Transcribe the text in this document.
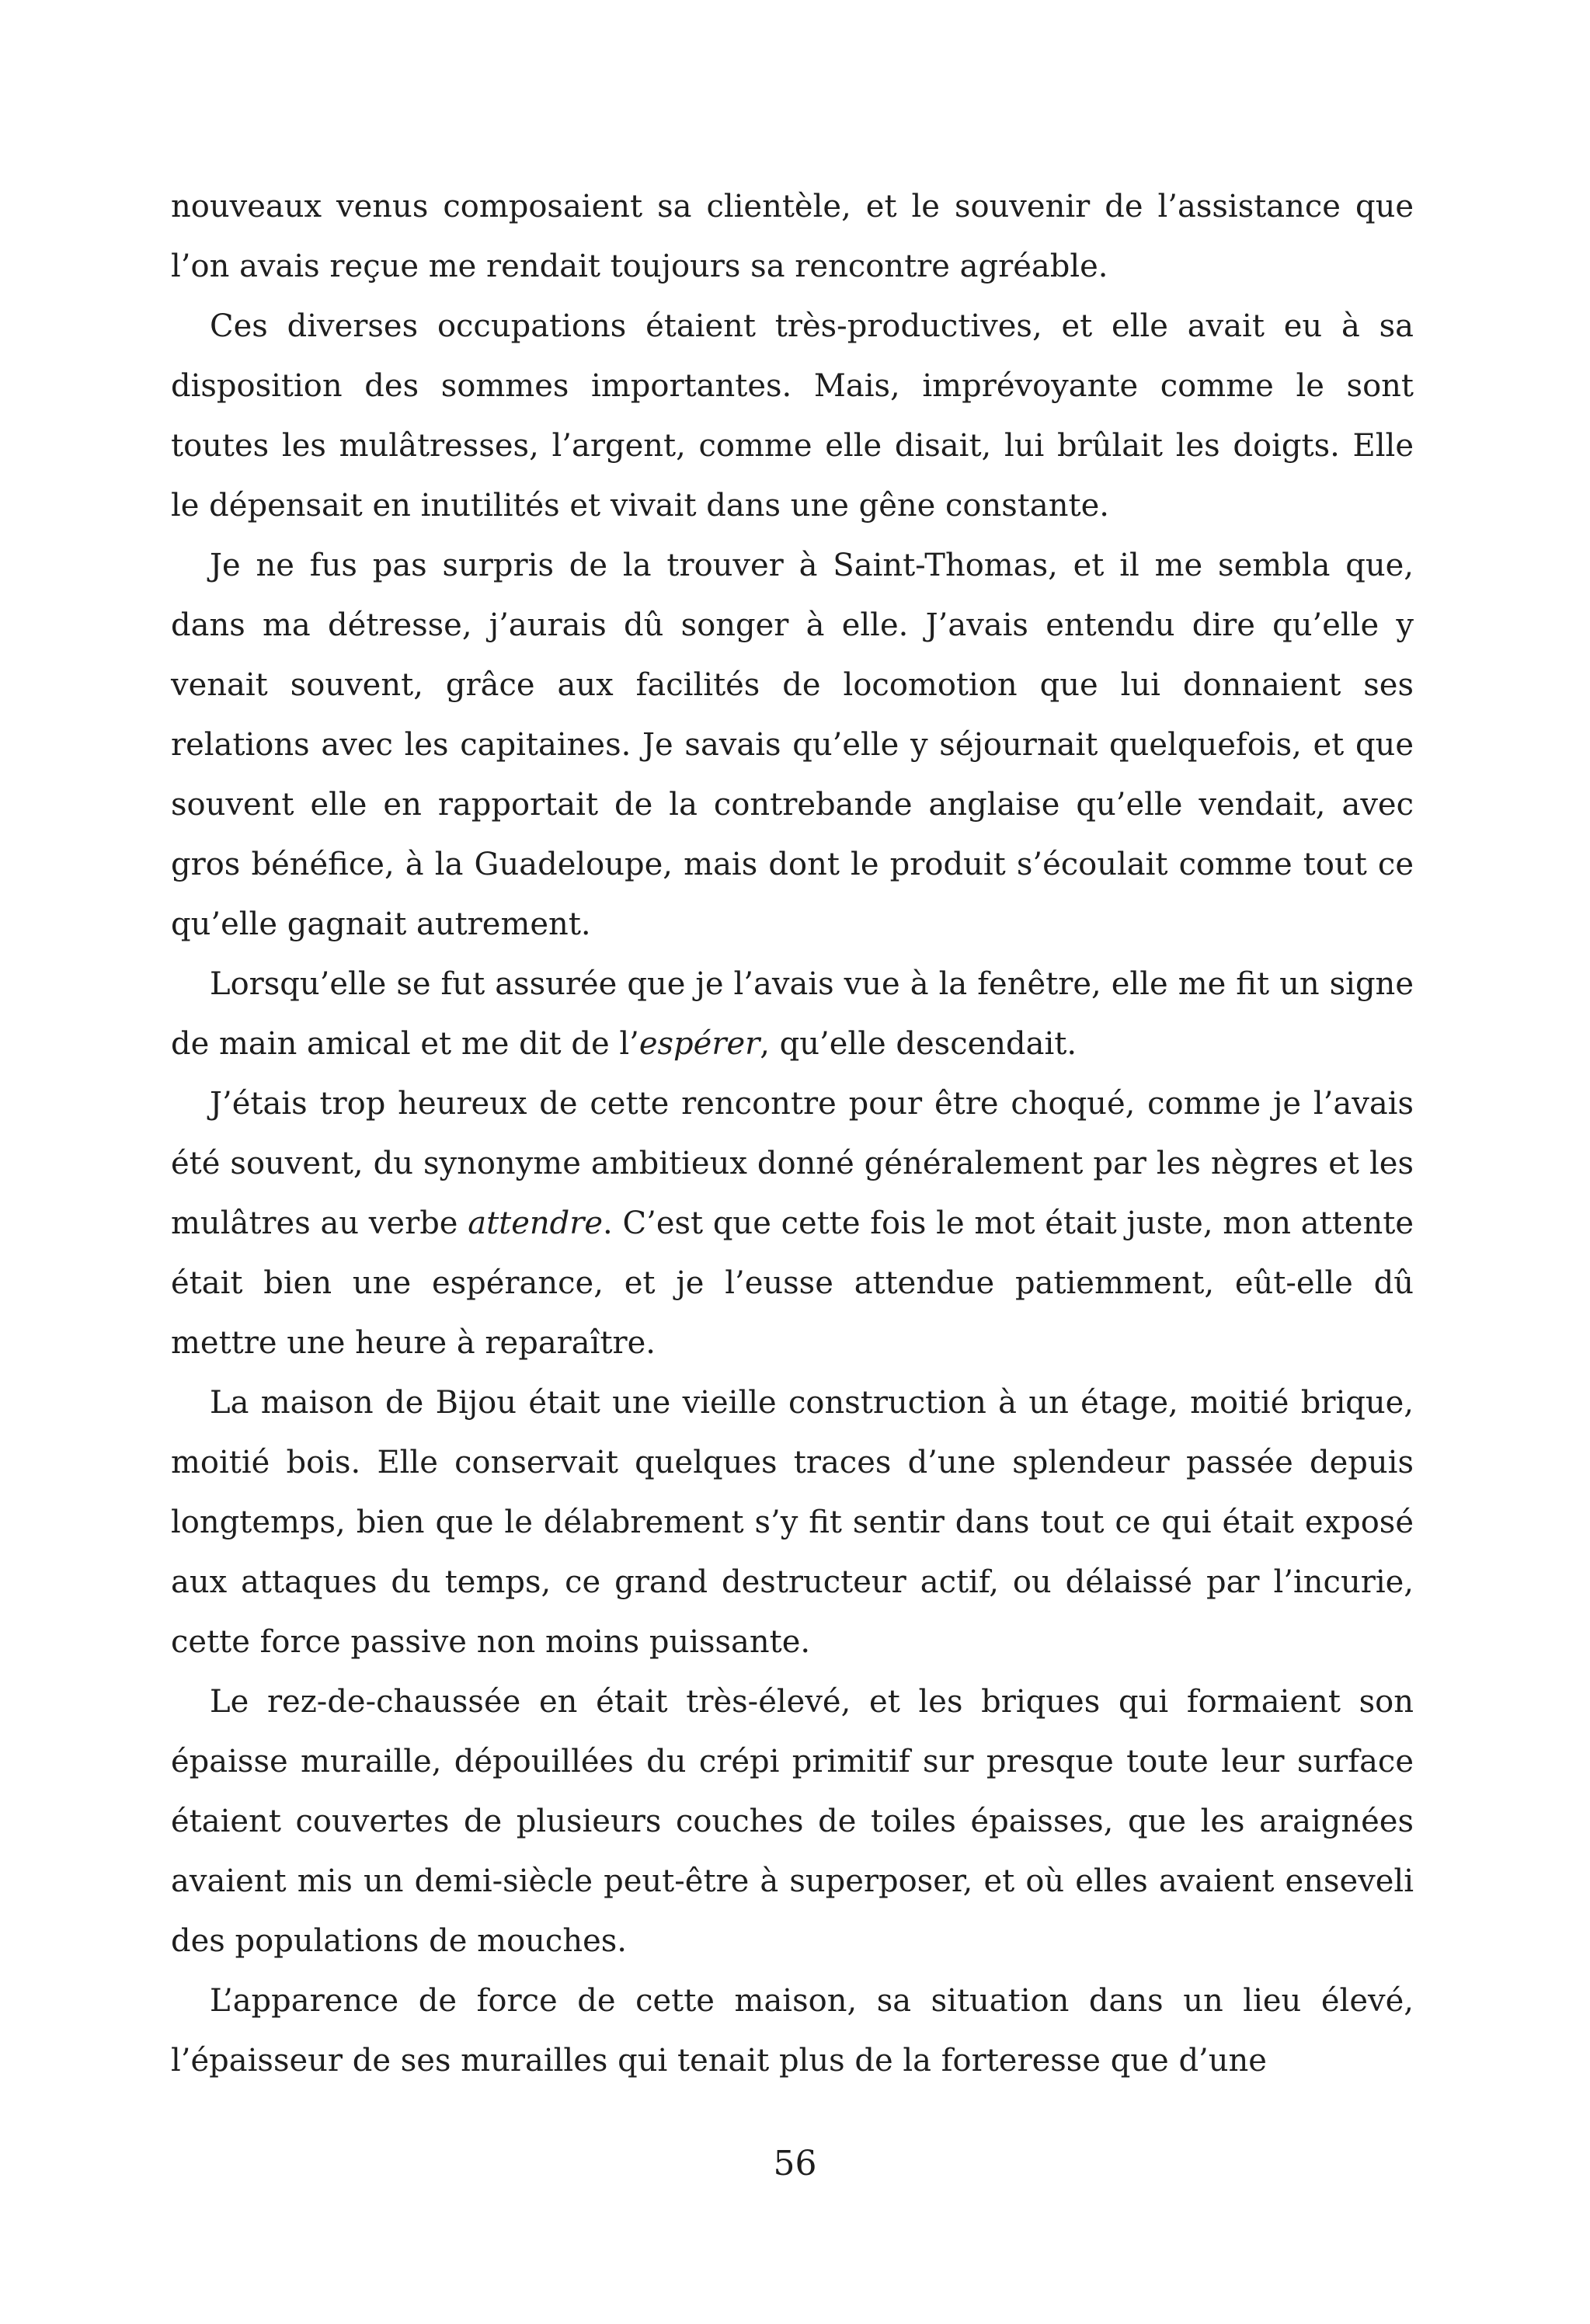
nouveaux venus composaient sa clientèle, et le souvenir de l’assistance que l’on avais reçue me rendait toujours sa rencontre agréable.

Ces diverses occupations étaient très-productives, et elle avait eu à sa disposition des sommes importantes. Mais, imprévoyante comme le sont toutes les mulâtresses, l’argent, comme elle disait, lui brûlait les doigts. Elle le dépensait en inutilités et vivait dans une gêne constante.

Je ne fus pas surpris de la trouver à Saint-Thomas, et il me sembla que, dans ma détresse, j’aurais dû songer à elle. J’avais entendu dire qu’elle y venait souvent, grâce aux facilités de locomotion que lui donnaient ses relations avec les capitaines. Je savais qu’elle y séjournait quelquefois, et que souvent elle en rapportait de la contrebande anglaise qu’elle vendait, avec gros bénéfice, à la Guadeloupe, mais dont le produit s’écoulait comme tout ce qu’elle gagnait autrement.

Lorsqu’elle se fut assurée que je l’avais vue à la fenêtre, elle me fit un signe de main amical et me dit de l’espérer, qu’elle descendait.

J’étais trop heureux de cette rencontre pour être choqué, comme je l’avais été souvent, du synonyme ambitieux donné généralement par les nègres et les mulâtres au verbe attendre. C’est que cette fois le mot était juste, mon attente était bien une espérance, et je l’eusse attendue patiemment, eût-elle dû mettre une heure à reparaître.

La maison de Bijou était une vieille construction à un étage, moitié brique, moitié bois. Elle conservait quelques traces d’une splendeur passée depuis longtemps, bien que le délabrement s’y fit sentir dans tout ce qui était exposé aux attaques du temps, ce grand destructeur actif, ou délaissé par l’incurie, cette force passive non moins puissante.

Le rez-de-chaussée en était très-élevé, et les briques qui formaient son épaisse muraille, dépouillées du crépi primitif sur presque toute leur surface étaient couvertes de plusieurs couches de toiles épaisses, que les araignées avaient mis un demi-siècle peut-être à superposer, et où elles avaient enseveli des populations de mouches.

L’apparence de force de cette maison, sa situation dans un lieu élevé, l’épaisseur de ses murailles qui tenait plus de la forteresse que d’une

56
